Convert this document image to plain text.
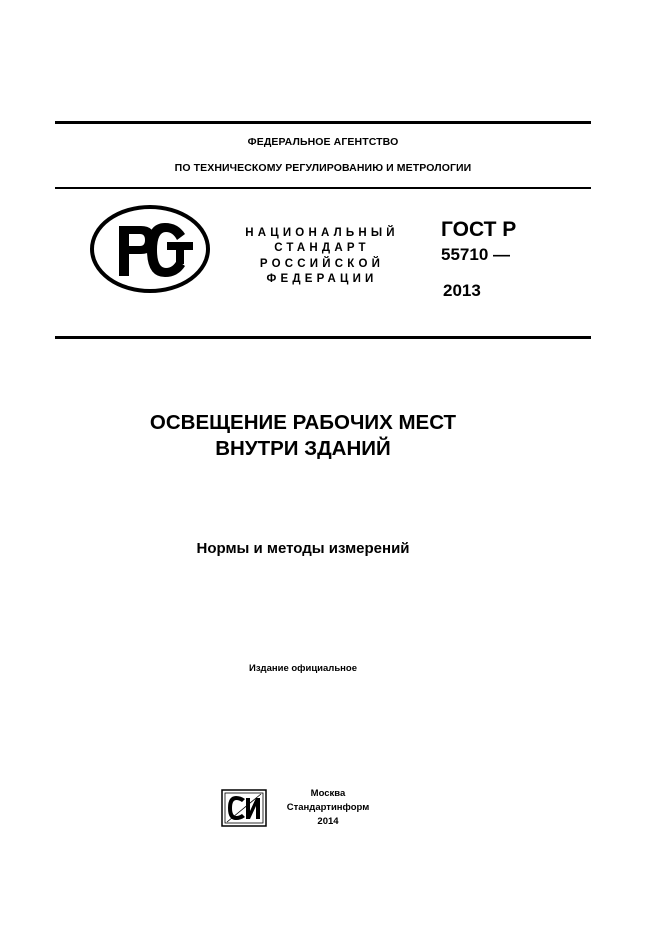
ФЕДЕРАЛЬНОЕ АГЕНТСТВО
ПО ТЕХНИЧЕСКОМУ РЕГУЛИРОВАНИЮ И МЕТРОЛОГИИ
НАЦИОНАЛЬНЫЙ
СТАНДАРТ
РОССИЙСКОЙ
ФЕДЕРАЦИИ
ГОСТ Р
55710 —
2013
ОСВЕЩЕНИЕ РАБОЧИХ МЕСТ
ВНУТРИ ЗДАНИЙ
Нормы и методы измерений
Издание официальное
Москва
Стандартинформ
2014
